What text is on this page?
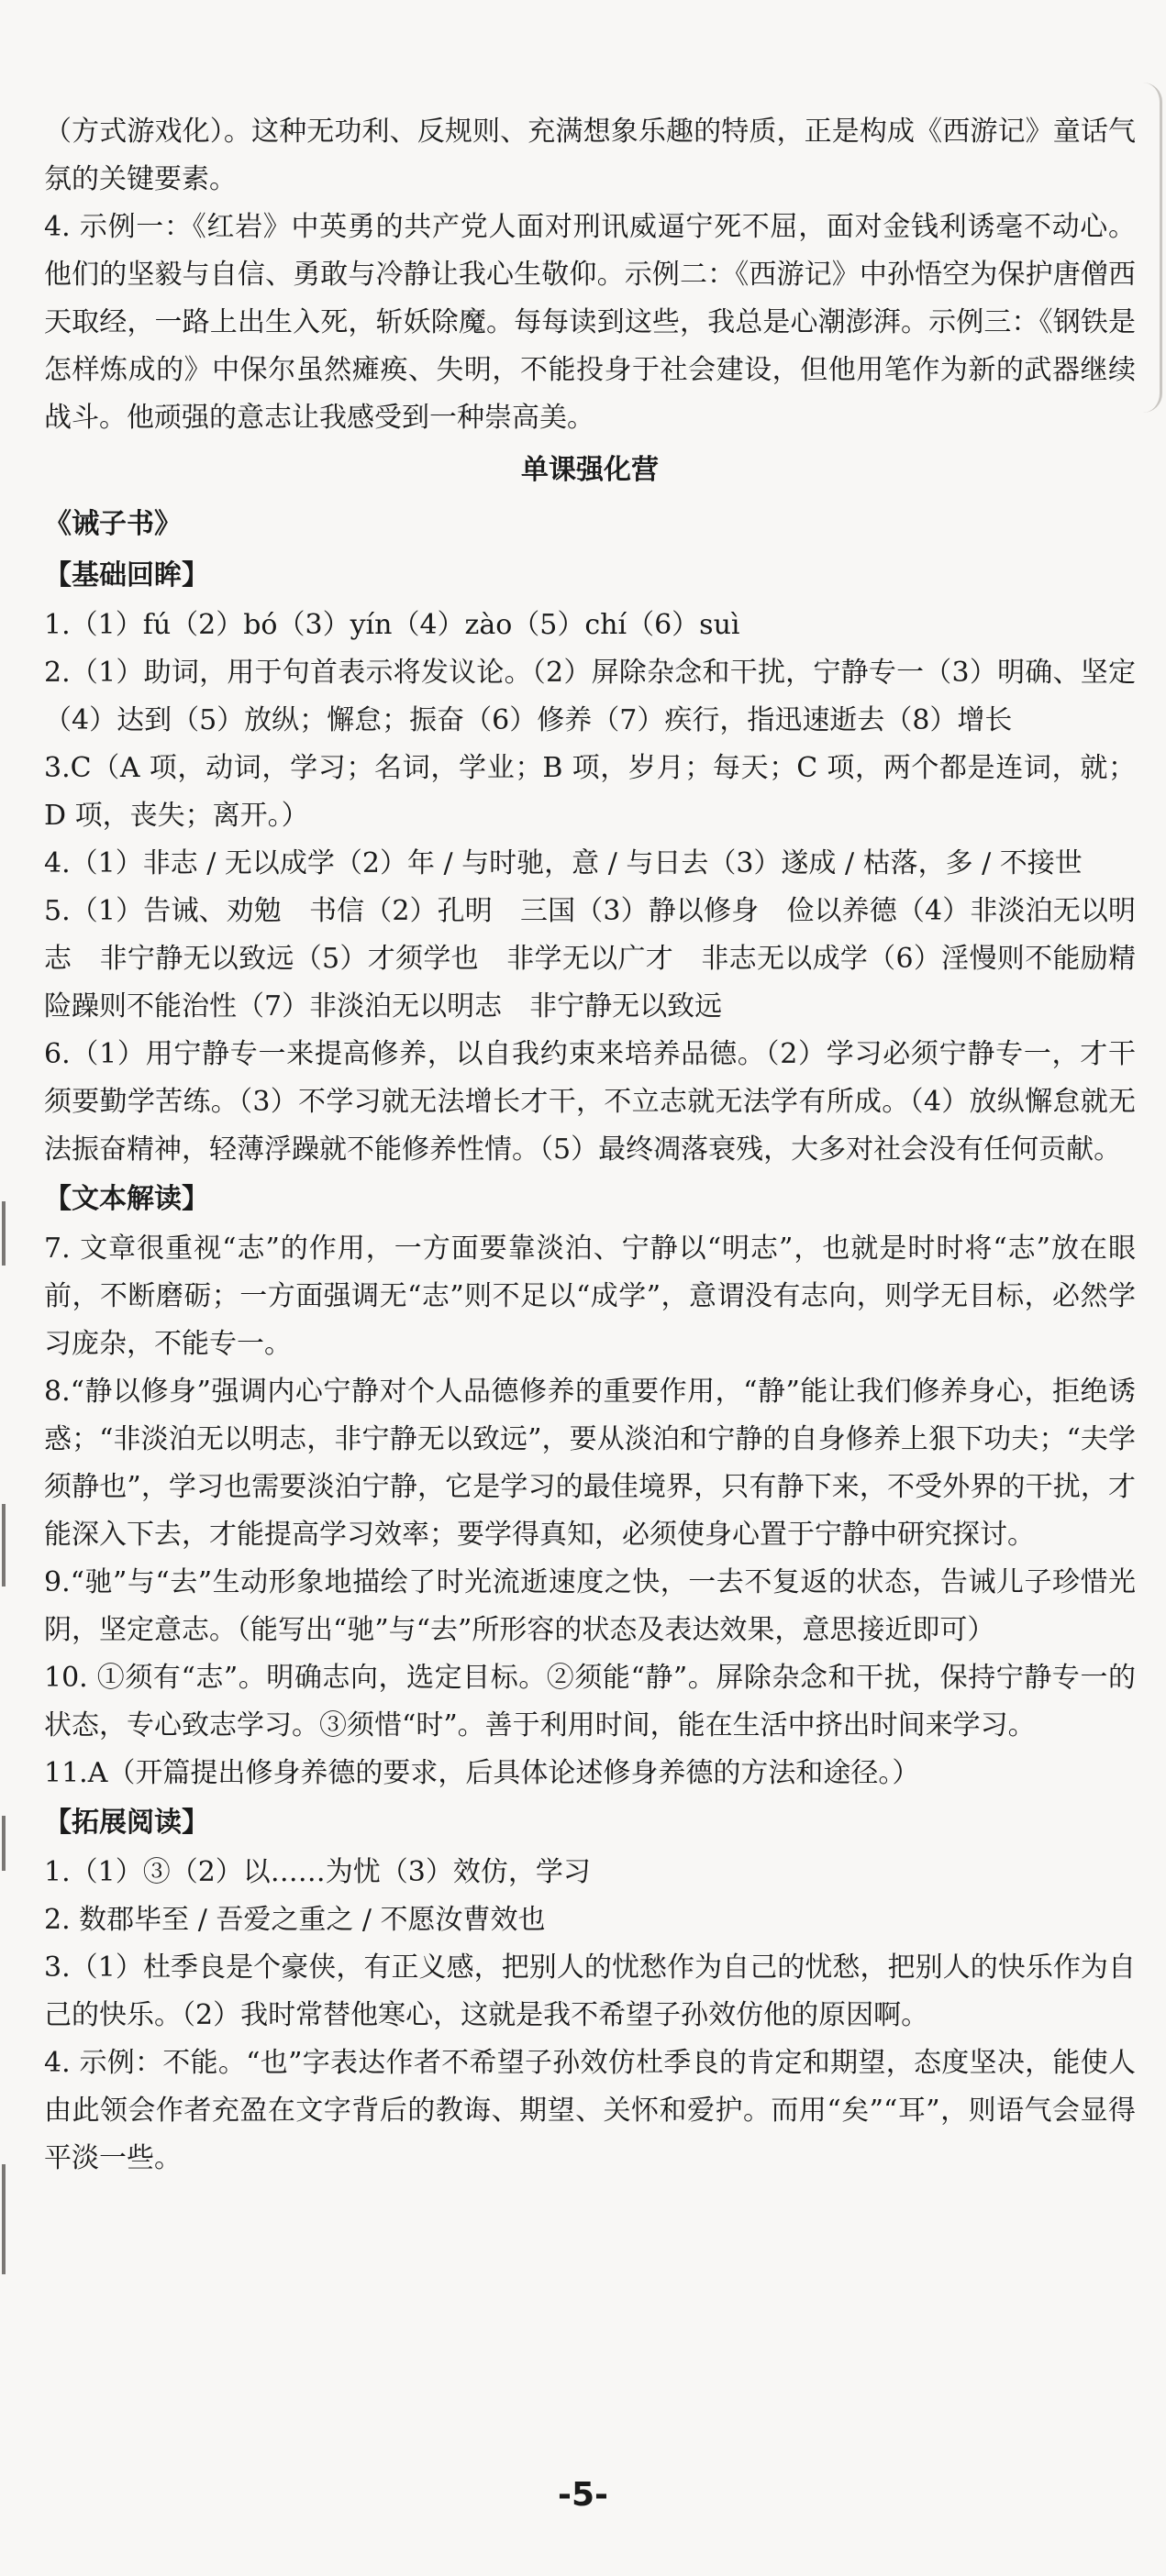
（方式游戏化）。这种无功利、反规则、充满想象乐趣的特质，正是构成《西游记》童话气氛的关键要素。

4. 示例一：《红岩》中英勇的共产党人面对刑讯威逼宁死不屈，面对金钱利诱毫不动心。他们的坚毅与自信、勇敢与冷静让我心生敬仰。示例二：《西游记》中孙悟空为保护唐僧西天取经，一路上出生入死，斩妖除魔。每每读到这些，我总是心潮澎湃。示例三：《钢铁是怎样炼成的》中保尔虽然瘫痪、失明，不能投身于社会建设，但他用笔作为新的武器继续战斗。他顽强的意志让我感受到一种崇高美。

单课强化营

《诫子书》

【基础回眸】

1.（1）fú（2）bó（3）yín（4）zào（5）chí（6）suì

2.（1）助词，用于句首表示将发议论。（2）屏除杂念和干扰，宁静专一（3）明确、坚定（4）达到（5）放纵；懈怠；振奋（6）修养（7）疾行，指迅速逝去（8）增长

3.C（A 项，动词，学习；名词，学业；B 项，岁月；每天；C 项，两个都是连词，就；D 项，丧失；离开。）

4.（1）非志 / 无以成学（2）年 / 与时驰，意 / 与日去（3）遂成 / 枯落，多 / 不接世

5.（1）告诫、劝勉　书信（2）孔明　三国（3）静以修身　俭以养德（4）非淡泊无以明志　非宁静无以致远（5）才须学也　非学无以广才　非志无以成学（6）淫慢则不能励精　险躁则不能治性（7）非淡泊无以明志　非宁静无以致远

6.（1）用宁静专一来提高修养，以自我约束来培养品德。（2）学习必须宁静专一，才干须要勤学苦练。（3）不学习就无法增长才干，不立志就无法学有所成。（4）放纵懈怠就无法振奋精神，轻薄浮躁就不能修养性情。（5）最终凋落衰残，大多对社会没有任何贡献。

【文本解读】

7. 文章很重视“志”的作用，一方面要靠淡泊、宁静以“明志”，也就是时时将“志”放在眼前，不断磨砺；一方面强调无“志”则不足以“成学”，意谓没有志向，则学无目标，必然学习庞杂，不能专一。

8.“静以修身”强调内心宁静对个人品德修养的重要作用，“静”能让我们修养身心，拒绝诱惑；“非淡泊无以明志，非宁静无以致远”，要从淡泊和宁静的自身修养上狠下功夫；“夫学须静也”，学习也需要淡泊宁静，它是学习的最佳境界，只有静下来，不受外界的干扰，才能深入下去，才能提高学习效率；要学得真知，必须使身心置于宁静中研究探讨。

9.“驰”与“去”生动形象地描绘了时光流逝速度之快，一去不复返的状态，告诫儿子珍惜光阴，坚定意志。（能写出“驰”与“去”所形容的状态及表达效果，意思接近即可）

10. ①须有“志”。明确志向，选定目标。②须能“静”。屏除杂念和干扰，保持宁静专一的状态，专心致志学习。③须惜“时”。善于利用时间，能在生活中挤出时间来学习。

11.A（开篇提出修身养德的要求，后具体论述修身养德的方法和途径。）

【拓展阅读】

1.（1）③（2）以……为忧（3）效仿，学习

2. 数郡毕至 / 吾爱之重之 / 不愿汝曹效也

3.（1）杜季良是个豪侠，有正义感，把别人的忧愁作为自己的忧愁，把别人的快乐作为自己的快乐。（2）我时常替他寒心，这就是我不希望子孙效仿他的原因啊。

4. 示例：不能。“也”字表达作者不希望子孙效仿杜季良的肯定和期望，态度坚决，能使人由此领会作者充盈在文字背后的教诲、期望、关怀和爱护。而用“矣”“耳”，则语气会显得平淡一些。

-5-
